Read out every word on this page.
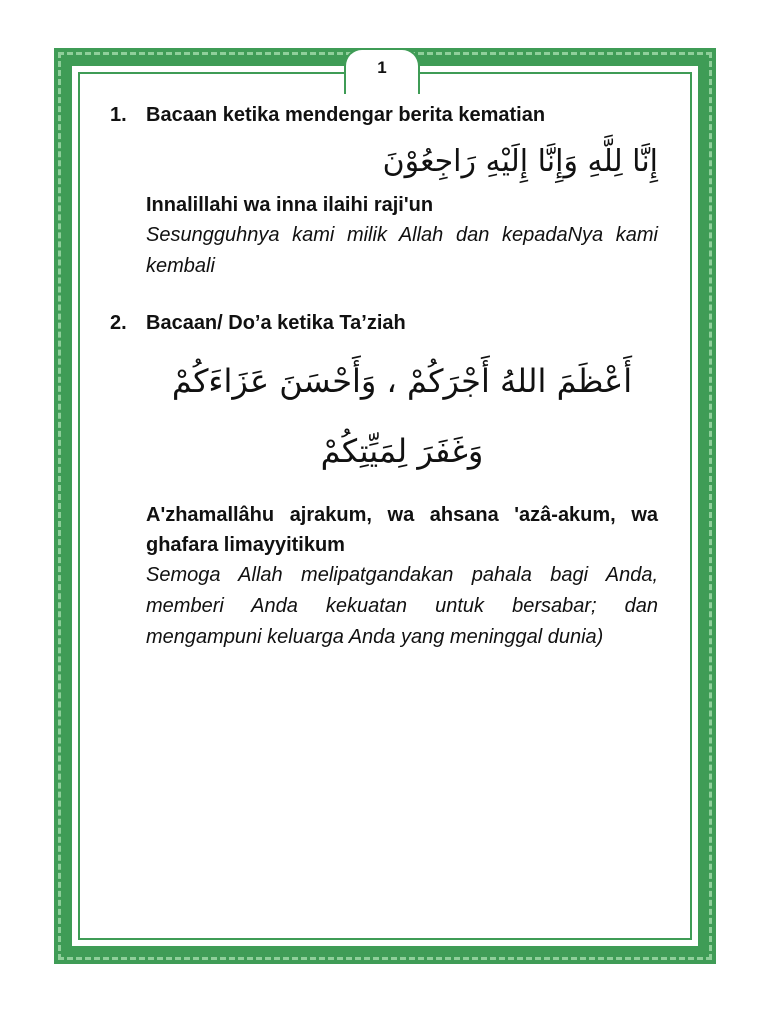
1
1. Bacaan ketika mendengar berita kematian
إِنَّا لِلَّهِ وَإِنَّا إِلَيْهِ رَاجِعُوْنَ
Innalillahi wa inna ilaihi raji'un
Sesungguhnya kami milik Allah dan kepadaNya kami kembali
2. Bacaan/ Do’a ketika Ta’ziah
أَعْظَمَ اللهُ أَجْرَكُمْ ، وَأَحْسَنَ عَزَاءَكُمْ وَغَفَرَ لِمَيِّتِكُمْ
A'zhamallâhu ajrakum, wa ahsana 'azâ-akum, wa ghafara limayyitikum
Semoga Allah melipatgandakan pahala bagi Anda, memberi Anda kekuatan untuk bersabar; dan mengampuni keluarga Anda yang meninggal dunia)
